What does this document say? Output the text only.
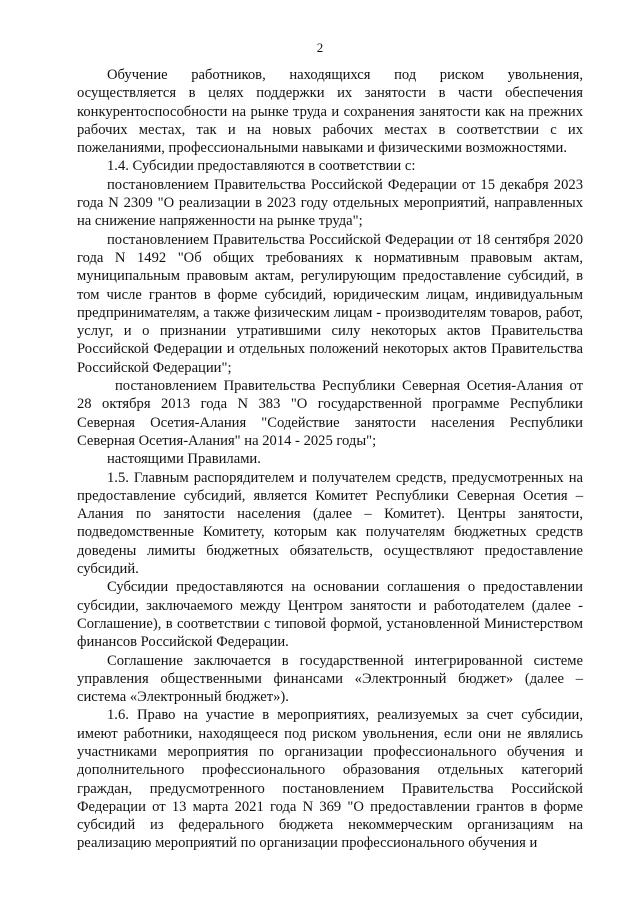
2

Обучение работников, находящихся под риском увольнения, осуществляется в целях поддержки их занятости в части обеспечения конкурентоспособности на рынке труда и сохранения занятости как на прежних рабочих местах, так и на новых рабочих местах в соответствии с их пожеланиями, профессиональными навыками и физическими возможностями.

1.4. Субсидии предоставляются в соответствии с:

постановлением Правительства Российской Федерации от 15 декабря 2023 года N 2309 "О реализации в 2023 году отдельных мероприятий, направленных на снижение напряженности на рынке труда";

постановлением Правительства Российской Федерации от 18 сентября 2020 года N 1492 "Об общих требованиях к нормативным правовым актам, муниципальным правовым актам, регулирующим предоставление субсидий, в том числе грантов в форме субсидий, юридическим лицам, индивидуальным предпринимателям, а также физическим лицам - производителям товаров, работ, услуг, и о признании утратившими силу некоторых актов Правительства Российской Федерации и отдельных положений некоторых актов Правительства Российской Федерации";

постановлением Правительства Республики Северная Осетия-Алания от 28 октября 2013 года N 383 "О государственной программе Республики Северная Осетия-Алания "Содействие занятости населения Республики Северная Осетия-Алания" на 2014 - 2025 годы";

настоящими Правилами.

1.5. Главным распорядителем и получателем средств, предусмотренных на предоставление субсидий, является Комитет Республики Северная Осетия – Алания по занятости населения (далее – Комитет). Центры занятости, подведомственные Комитету, которым как получателям бюджетных средств доведены лимиты бюджетных обязательств, осуществляют предоставление субсидий.

Субсидии предоставляются на основании соглашения о предоставлении субсидии, заключаемого между Центром занятости и работодателем (далее - Соглашение), в соответствии с типовой формой, установленной Министерством финансов Российской Федерации.

Соглашение заключается в государственной интегрированной системе управления общественными финансами «Электронный бюджет» (далее – система «Электронный бюджет»).

1.6. Право на участие в мероприятиях, реализуемых за счет субсидии, имеют работники, находящееся под риском увольнения, если они не являлись участниками мероприятия по организации профессионального обучения и дополнительного профессионального образования отдельных категорий граждан, предусмотренного постановлением Правительства Российской Федерации от 13 марта 2021 года N 369 "О предоставлении грантов в форме субсидий из федерального бюджета некоммерческим организациям на реализацию мероприятий по организации профессионального обучения и
